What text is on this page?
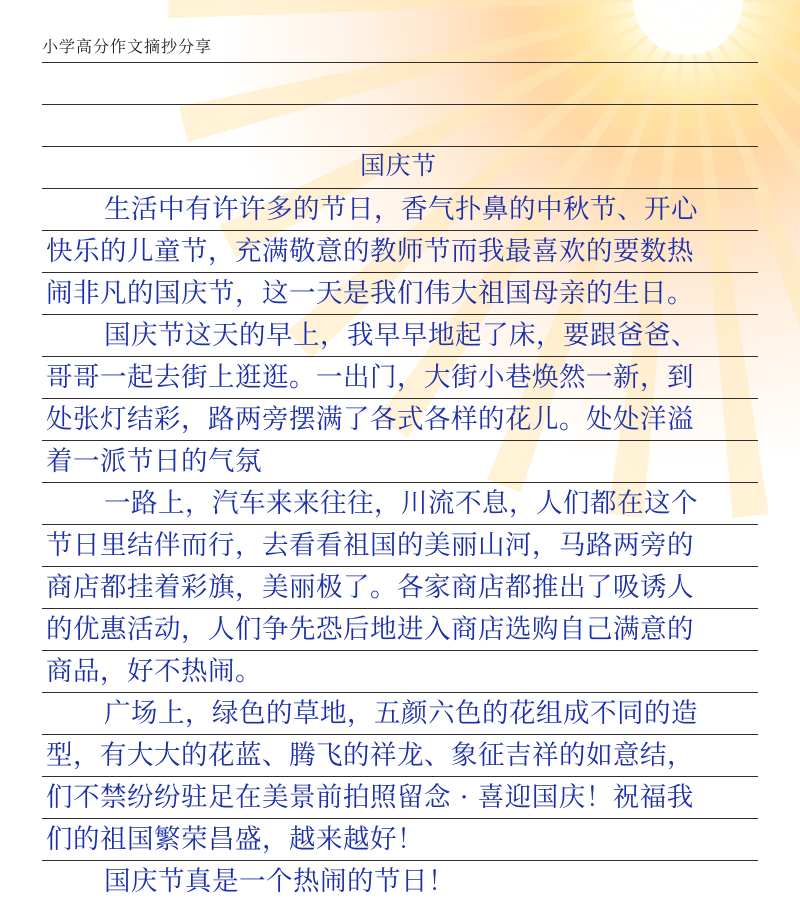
小学高分作文摘抄分享
国庆节
生活中有许许多的节日，香气扑鼻的中秋节、开心
快乐的儿童节，充满敬意的教师节而我最喜欢的要数热
闹非凡的国庆节，这一天是我们伟大祖国母亲的生日。
国庆节这天的早上，我早早地起了床，要跟爸爸、
哥哥一起去街上逛逛。一出门，大街小巷焕然一新，到
处张灯结彩，路两旁摆满了各式各样的花儿。处处洋溢
着一派节日的气氛
一路上，汽车来来往往，川流不息，人们都在这个
节日里结伴而行，去看看祖国的美丽山河，马路两旁的
商店都挂着彩旗，美丽极了。各家商店都推出了吸诱人
的优惠活动，人们争先恐后地进入商店选购自己满意的
商品，好不热闹。
广场上，绿色的草地，五颜六色的花组成不同的造
型，有大大的花蓝、腾飞的祥龙、象征吉祥的如意结，
们不禁纷纷驻足在美景前拍照留念 · 喜迎国庆！祝福我
们的祖国繁荣昌盛，越来越好！
国庆节真是一个热闹的节日！
